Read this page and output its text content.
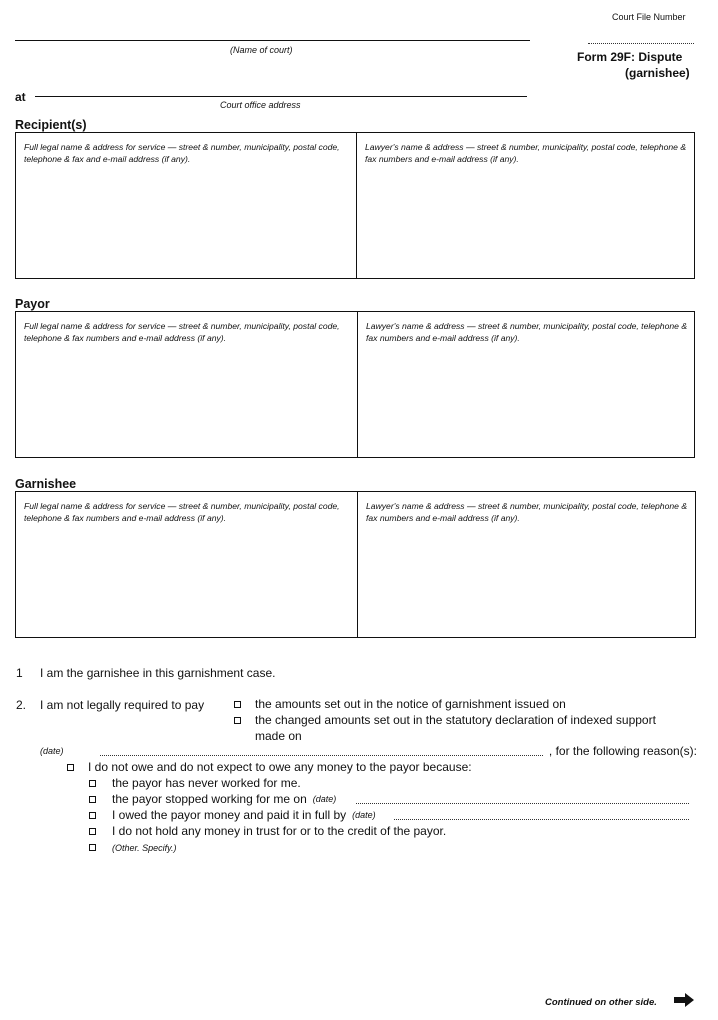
Court File Number
(Name of court)
at
Court office address
Form 29F: Dispute
(garnishee)
Recipient(s)
Full legal name & address for service — street & number, municipality, postal code, telephone & fax and e-mail address (if any).
Lawyer's name & address — street & number, municipality, postal code, telephone & fax numbers and e-mail address (if any).
Payor
Full legal name & address for service — street & number, municipality, postal code, telephone & fax numbers and e-mail address (if any).
Lawyer's name & address — street & number, municipality, postal code, telephone & fax numbers and e-mail address (if any).
Garnishee
Full legal name & address for service — street & number, municipality, postal code, telephone & fax numbers and e-mail address (if any).
Lawyer's name & address — street & number, municipality, postal code, telephone & fax numbers and e-mail address (if any).
1 I am the garnishee in this garnishment case.
2. I am not legally required to pay	the amounts set out in the notice of garnishment issued on
the changed amounts set out in the statutory declaration of indexed support
made on
(date)	, for the following reason(s):
I do not owe and do not expect to owe any money to the payor because:
the payor has never worked for me.
the payor stopped working for me on (date)
I owed the payor money and paid it in full by (date)
I do not hold any money in trust for or to the credit of the payor.
(Other. Specify.)
Continued on other side.
